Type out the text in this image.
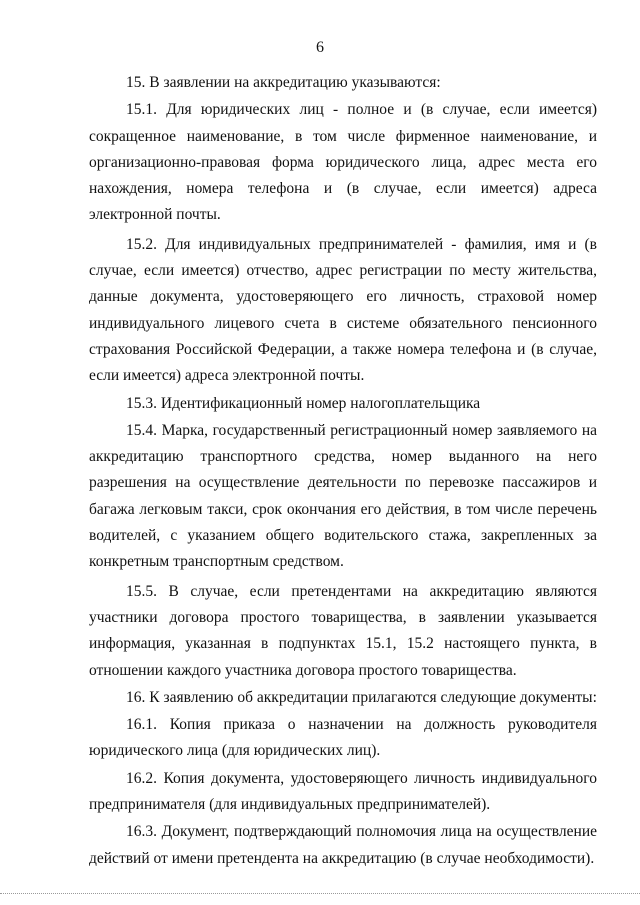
6

15. В заявлении на аккредитацию указываются:

15.1. Для юридических лиц - полное и (в случае, если имеется) сокращенное наименование, в том числе фирменное наименование, и организационно-правовая форма юридического лица, адрес места его нахождения, номера телефона и (в случае, если имеется) адреса электронной почты.

15.2. Для индивидуальных предпринимателей - фамилия, имя и (в случае, если имеется) отчество, адрес регистрации по месту жительства, данные документа, удостоверяющего его личность, страховой номер индивидуального лицевого счета в системе обязательного пенсионного страхования Российской Федерации, а также номера телефона и (в случае, если имеется) адреса электронной почты.

15.3. Идентификационный номер налогоплательщика

15.4. Марка, государственный регистрационный номер заявляемого на аккредитацию транспортного средства, номер выданного на него разрешения на осуществление деятельности по перевозке пассажиров и багажа легковым такси, срок окончания его действия, в том числе перечень водителей, с указанием общего водительского стажа, закрепленных за конкретным транспортным средством.

15.5. В случае, если претендентами на аккредитацию являются участники договора простого товарищества, в заявлении указывается информация, указанная в подпунктах 15.1, 15.2 настоящего пункта, в отношении каждого участника договора простого товарищества.

16. К заявлению об аккредитации прилагаются следующие документы:

16.1. Копия приказа о назначении на должность руководителя юридического лица (для юридических лиц).

16.2. Копия документа, удостоверяющего личность индивидуального предпринимателя (для индивидуальных предпринимателей).

16.3. Документ, подтверждающий полномочия лица на осуществление действий от имени претендента на аккредитацию (в случае необходимости).
